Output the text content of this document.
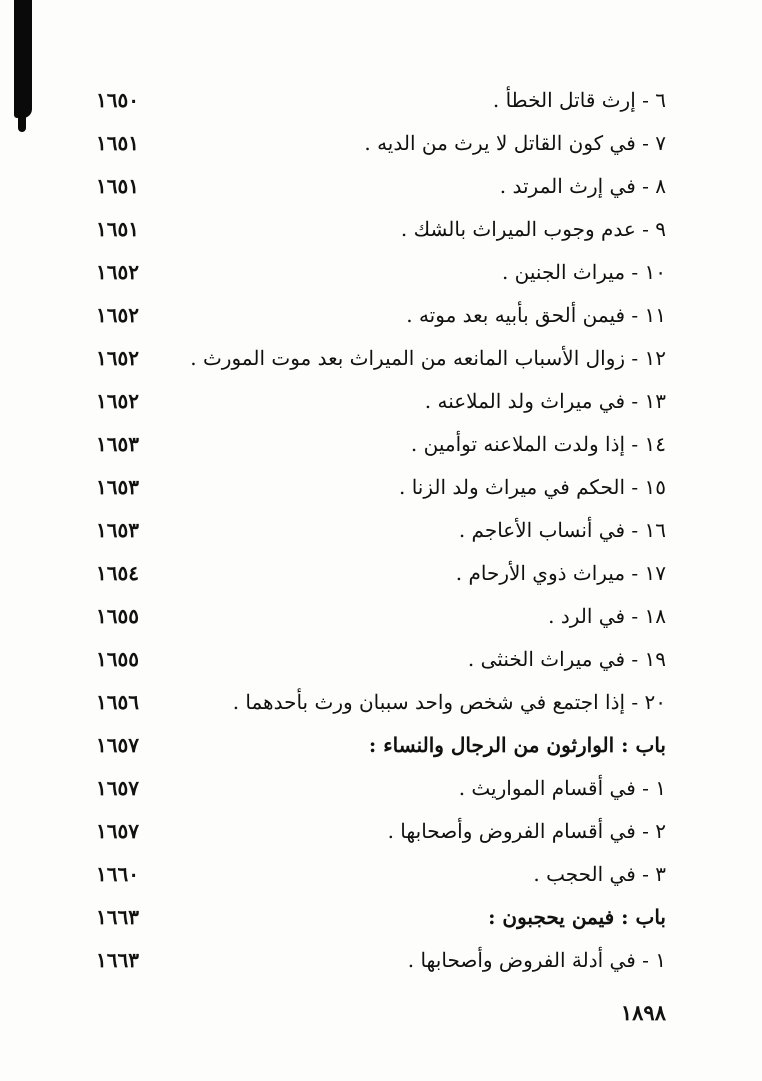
٦ - إرث قاتل الخطأ .
١٦٥٠
٧ - في كون القاتل لا يرث من الديه .
١٦٥١
٨ - في إرث المرتد .
١٦٥١
٩ - عدم وجوب الميراث بالشك .
١٦٥١
١٠ - ميراث الجنين .
١٦٥٢
١١ - فيمن ألحق بأبيه بعد موته .
١٦٥٢
١٢ - زوال الأسباب المانعه من الميراث بعد موت المورث .
١٦٥٢
١٣ - في ميراث ولد الملاعنه .
١٦٥٢
١٤ - إذا ولدت الملاعنه توأمين .
١٦٥٣
١٥ - الحكم في ميراث ولد الزنا .
١٦٥٣
١٦ - في أنساب الأعاجم .
١٦٥٣
١٧ - ميراث ذوي الأرحام .
١٦٥٤
١٨ - في الرد .
١٦٥٥
١٩ - في ميراث الخنثى .
١٦٥٥
٢٠ - إذا اجتمع في شخص واحد سببان ورث بأحدهما .
١٦٥٦
باب : الوارثون من الرجال والنساء :
١٦٥٧
١ - في أقسام المواريث .
١٦٥٧
٢ - في أقسام الفروض وأصحابها .
١٦٥٧
٣ - في الحجب .
١٦٦٠
باب : فيمن يحجبون :
١٦٦٣
١ - في أدلة الفروض وأصحابها .
١٦٦٣
١٨٩٨
